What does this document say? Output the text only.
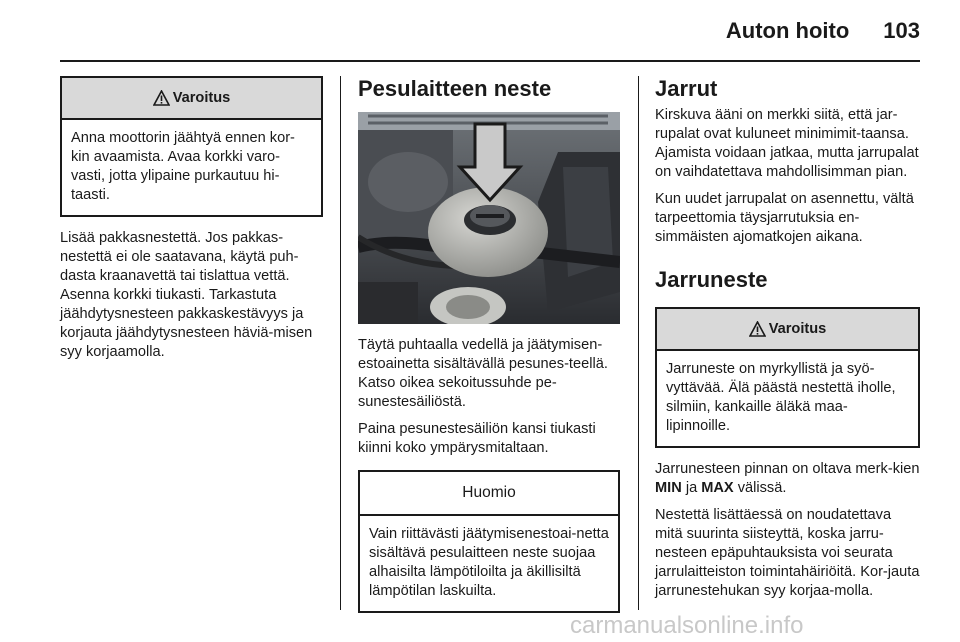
Auton hoito 103
Varoitus

Anna moottorin jäähtyä ennen kor-kin avaamista. Avaa korkki varo-vasti, jotta ylipaine purkautuu hi-taasti.

Lisää pakkasnestettä. Jos pakkas-nestettä ei ole saatavana, käytä puh-dasta kraanavettä tai tislattua vettä. Asenna korkki tiukasti. Tarkastuta jäähdytysnesteen pakkaskestävyys ja korjauta jäähdytysnesteen häviä-misen syy korjaamolla.

Pesulaitteen neste

Täytä puhtaalla vedellä ja jäätymisen-estoainetta sisältävällä pesunes-teellä. Katso oikea sekoitussuhde pe-sunestesäiliöstä.

Paina pesunestesäiliön kansi tiukasti kiinni koko ympärysmitaltaan.

Huomio

Vain riittävästi jäätymisenestoai-netta sisältävä pesulaitteen neste suojaa alhaisilta lämpötiloilta ja äkillisiltä lämpötilan laskuilta.

Jarrut

Kirskuva ääni on merkki siitä, että jar-rupalat ovat kuluneet minimimit-taansa. Ajamista voidaan jatkaa, mutta jarrupalat on vaihdatettava mahdollisimman pian.

Kun uudet jarrupalat on asennettu, vältä tarpeettomia täysjarrutuksia en-simmäisten ajomatkojen aikana.

Jarruneste
Varoitus

Jarruneste on myrkyllistä ja syö-vyttävää. Älä päästä nestettä iholle, silmiin, kankaille äläkä maa-lipinnoille.

Jarrunesteen pinnan on oltava merk-kien MIN ja MAX välissä.

Nestettä lisättäessä on noudatettava mitä suurinta siisteyttä, koska jarru-nesteen epäpuhtauksista voi seurata jarrulaitteiston toimintahäiriöitä. Kor-jauta jarrunestehukan syy korjaa-molla.

carmanualsonline.info
